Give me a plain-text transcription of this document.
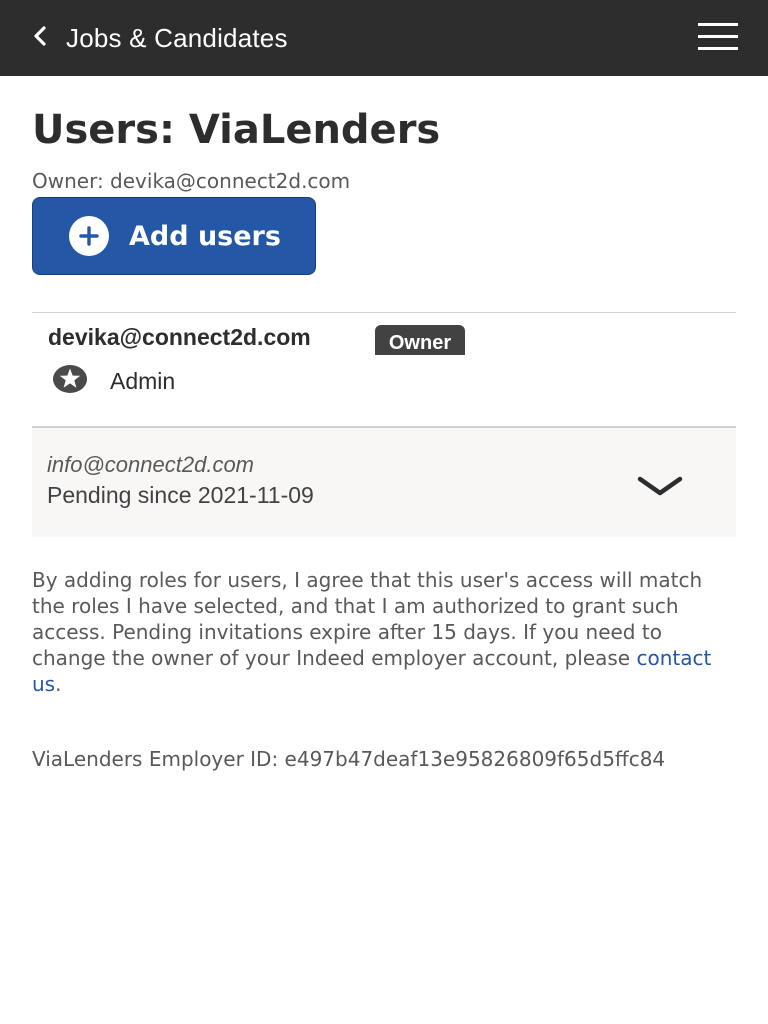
Jobs & Candidates
Users: ViaLenders
Owner: devika@connect2d.com
Add users
devika@connect2d.com	Owner
Admin
info@connect2d.com
Pending since 2021-11-09

By adding roles for users, I agree that this user's access will match the roles I have selected, and that I am authorized to grant such access. Pending invitations expire after 15 days. If you need to change the owner of your Indeed employer account, please contact us.

ViaLenders Employer ID: e497b47deaf13e95826809f65d5ffc84
